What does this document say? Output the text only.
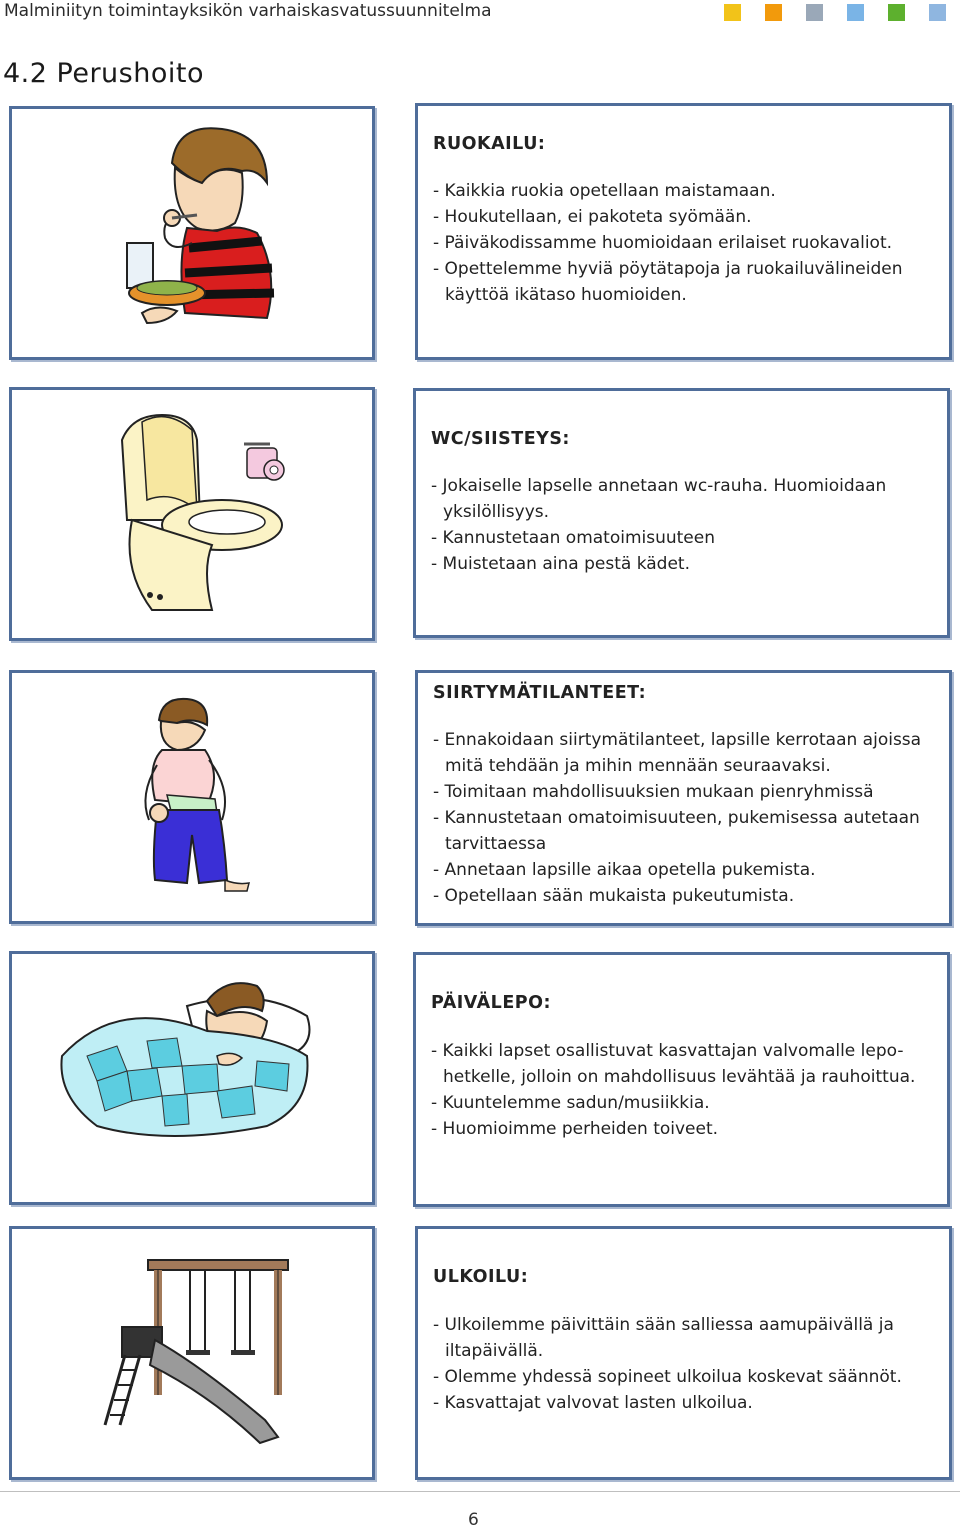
Malminiityn toimintayksikön varhaiskasvatussuunnitelma
4.2 Perushoito
RUOKAILU:
- Kaikkia ruokia opetellaan maistamaan.
- Houkutellaan, ei pakoteta syömään.
- Päiväkodissamme huomioidaan erilaiset ruokavaliot.
- Opettelemme hyviä pöytätapoja ja ruokailuvälineiden
käyttöä ikätaso huomioiden.
WC/SIISTEYS:
- Jokaiselle lapselle annetaan wc-rauha. Huomioidaan
yksilöllisyys.
- Kannustetaan omatoimisuuteen
- Muistetaan aina pestä kädet.
SIIRTYMÄTILANTEET:
- Ennakoidaan siirtymätilanteet, lapsille kerrotaan ajoissa
mitä tehdään ja mihin mennään seuraavaksi.
- Toimitaan mahdollisuuksien mukaan pienryhmissä
- Kannustetaan omatoimisuuteen, pukemisessa autetaan
tarvittaessa
- Annetaan lapsille aikaa opetella pukemista.
- Opetellaan sään mukaista pukeutumista.
PÄIVÄLEPO:
- Kaikki lapset osallistuvat kasvattajan valvomalle lepo-
hetkelle, jolloin on mahdollisuus levähtää ja rauhoittua.
- Kuuntelemme sadun/musiikkia.
- Huomioimme perheiden toiveet.
ULKOILU:
- Ulkoilemme päivittäin sään salliessa aamupäivällä ja
iltapäivällä.
- Olemme yhdessä sopineet ulkoilua koskevat säännöt.
- Kasvattajat valvovat lasten ulkoilua.
6
